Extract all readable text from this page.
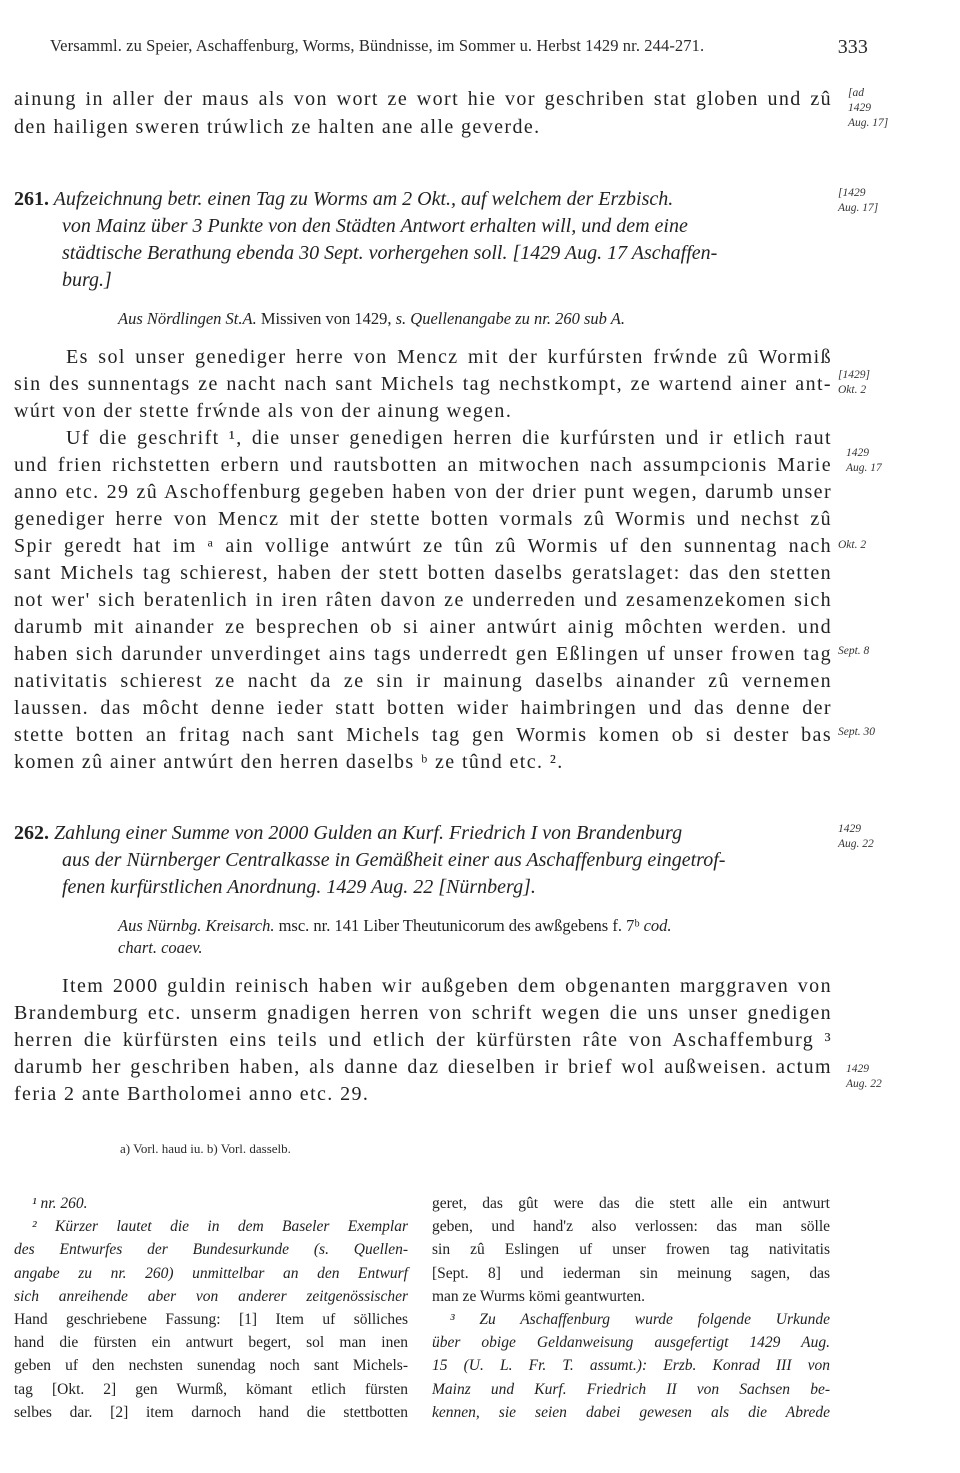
Versamml. zu Speier, Aschaffenburg, Worms, Bündnisse, im Sommer u. Herbst 1429 nr. 244-271.	333
ainung in aller der maus als von wort ze wort hie vor geschriben stat globen und zû
den hailigen sweren trúwlich ze halten ane alle geverde.
[ad
1429
Aug. 17]
261. Aufzeichnung betr. einen Tag zu Worms am 2 Okt., auf welchem der Erzbisch.
von Mainz über 3 Punkte von den Städten Antwort erhalten will, und dem eine
städtische Berathung ebenda 30 Sept. vorhergehen soll. [1429 Aug. 17 Aschaffen-
burg.]
[1429
Aug. 17]
Aus Nördlingen St.A. Missiven von 1429, s. Quellenangabe zu nr. 260 sub A.
Es sol unser genediger herre von Mencz mit der kurfúrsten frẃnde zû Wormiß
sin des sunnentags ze nacht nach sant Michels tag nechstkompt, ze wartend ainer ant-
wúrt von der stette frẃnde als von der ainung wegen.
Uf die geschrift ¹, die unser genedigen herren die kurfúrsten und ir etlich raut
und frien richstetten erbern und rautsbotten an mitwochen nach assumpcionis Marie
anno etc. 29 zû Aschoffenburg gegeben haben von der drier punt wegen, darumb unser
genediger herre von Mencz mit der stette botten vormals zû Wormis und nechst zû
Spir geredt hat im ᵃ ain vollige antwúrt ze tûn zû Wormis uf den sunnentag nach
sant Michels tag schierest, haben der stett botten daselbs geratslaget: das den stetten
not wer' sich beratenlich in iren râten davon ze underreden und zesamenzekomen sich
darumb mit ainander ze besprechen ob si ainer antwúrt ainig môchten werden. und
haben sich darunder unverdinget ains tags underredt gen Eßlingen uf unser frowen tag
nativitatis schierest ze nacht da ze sin ir mainung daselbs ainander zû vernemen
laussen. das môcht denne ieder statt botten wider haimbringen und das denne der
stette botten an fritag nach sant Michels tag gen Wormis komen ob si dester bas
komen zû ainer antwúrt den herren daselbs ᵇ ze tûnd etc. ².
[1429]
Okt. 2
1429
Aug. 17
Okt. 2
Sept. 8
Sept. 30
262. Zahlung einer Summe von 2000 Gulden an Kurf. Friedrich I von Brandenburg
aus der Nürnberger Centralkasse in Gemäßheit einer aus Aschaffenburg eingetrof-
fenen kurfürstlichen Anordnung. 1429 Aug. 22 [Nürnberg].
1429
Aug. 22
Aus Nürnbg. Kreisarch. msc. nr. 141 Liber Theutunicorum des awßgebens f. 7ᵇ cod.
chart. coaev.
Item 2000 guldin reinisch haben wir außgeben dem obgenanten marggraven von
Brandemburg etc. unserm gnadigen herren von schrift wegen die uns unser gnedigen
herren die kürfürsten eins teils und etlich der kürfürsten râte von Aschaffemburg ³
darumb her geschriben haben, als danne daz dieselben ir brief wol außweisen. actum
feria 2 ante Bartholomei anno etc. 29.
1429
Aug. 22
a) Vorl. haud iu. b) Vorl. dasselb.
¹ nr. 260.
² Kürzer lautet die in dem Baseler Exemplar
des Entwurfes der Bundesurkunde (s. Quellen-
angabe zu nr. 260) unmittelbar an den Entwurf
sich anreihende aber von anderer zeitgenössischer
Hand geschriebene Fassung: [1] Item uf sölliches
hand die fürsten ein antwurt begert, sol man inen
geben uf den nechsten sunendag noch sant Michels-
tag [Okt. 2] gen Wurmß, kömant etlich fürsten
selbes dar. [2] item darnoch hand die stettbotten
geret, das gût were das die stett alle ein antwurt
geben, und hand'z also verlossen: das man sölle
sin zû Eslingen uf unser frowen tag nativitatis
[Sept. 8] und iederman sin meinung sagen, das
man ze Wurms kömi geantwurten.
³ Zu Aschaffenburg wurde folgende Urkunde
über obige Geldanweisung ausgefertigt 1429 Aug.
15 (U. L. Fr. T. assumt.): Erzb. Konrad III von
Mainz und Kurf. Friedrich II von Sachsen be-
kennen, sie seien dabei gewesen als die Abrede
